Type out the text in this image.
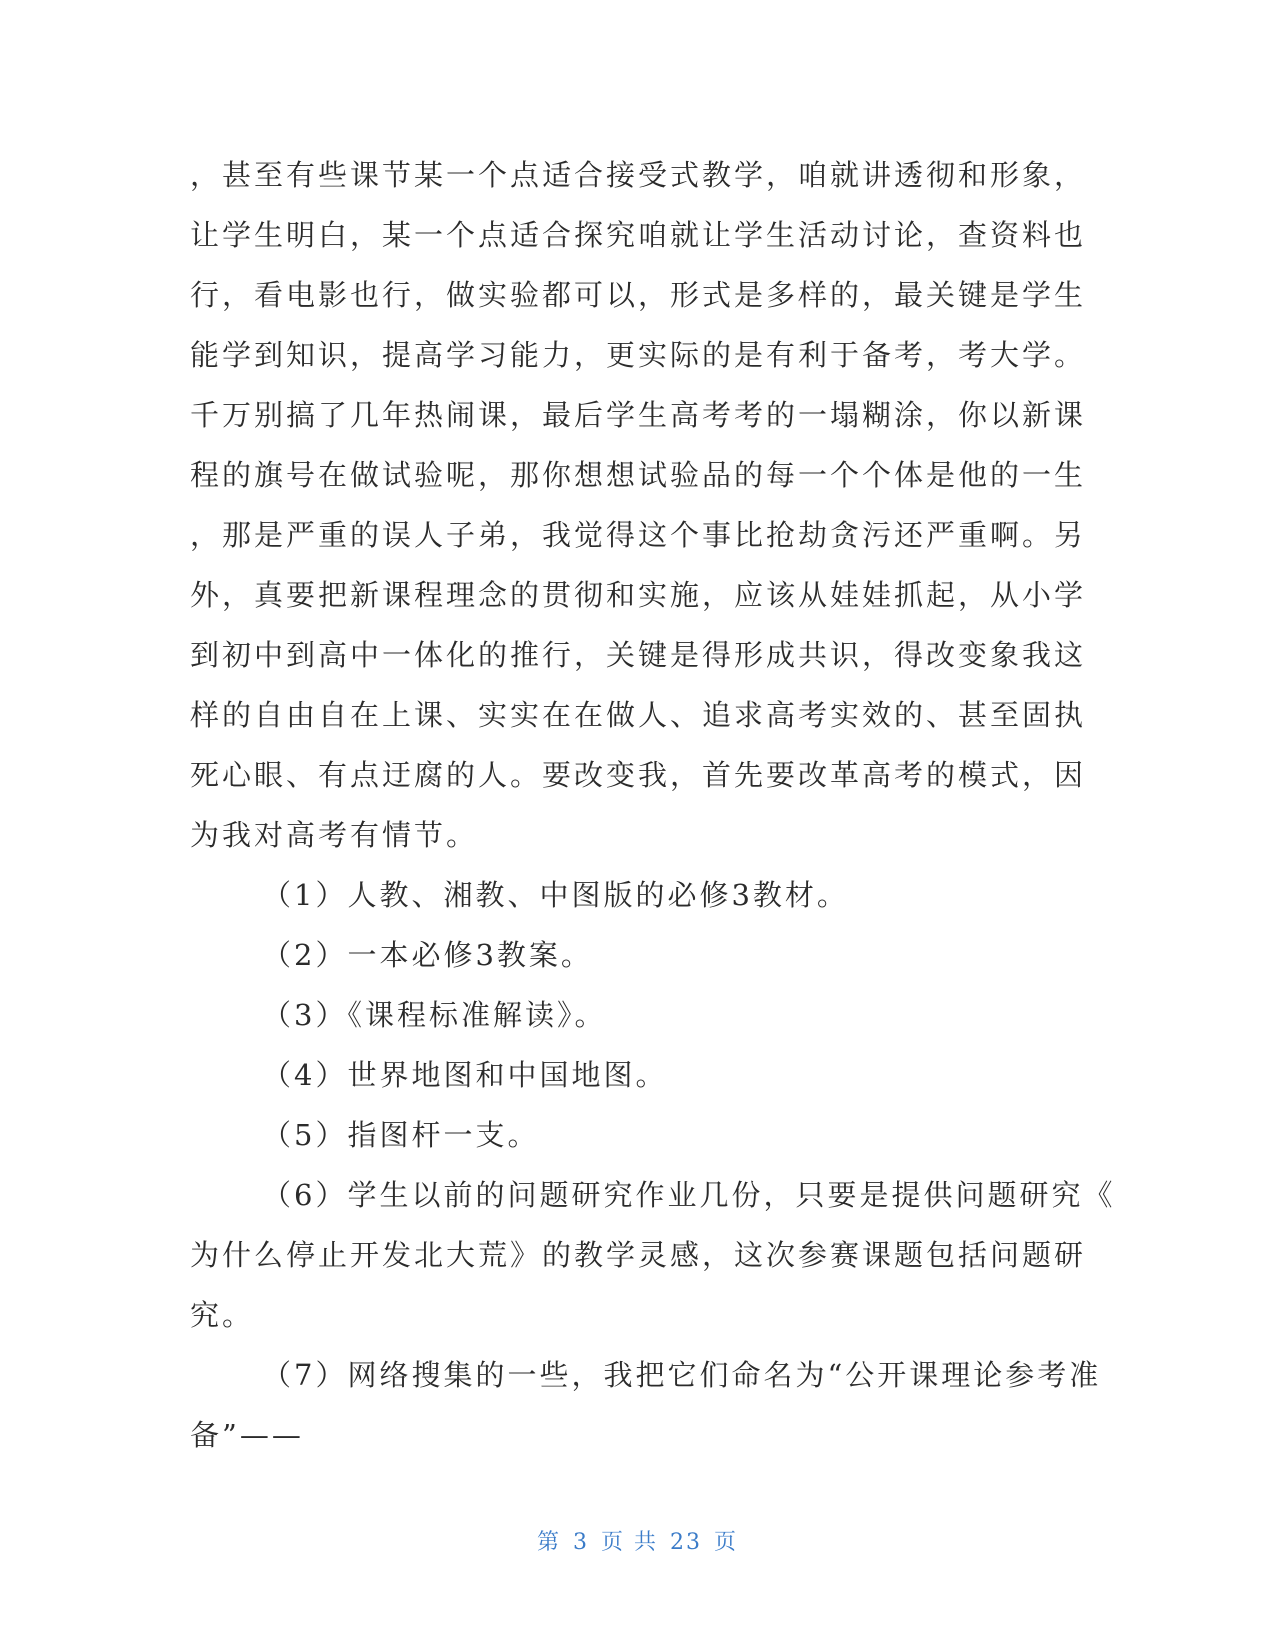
，甚至有些课节某一个点适合接受式教学，咱就讲透彻和形象，
让学生明白，某一个点适合探究咱就让学生活动讨论，查资料也
行，看电影也行，做实验都可以，形式是多样的，最关键是学生
能学到知识，提高学习能力，更实际的是有利于备考，考大学。
千万别搞了几年热闹课，最后学生高考考的一塌糊涂，你以新课
程的旗号在做试验呢，那你想想试验品的每一个个体是他的一生
，那是严重的误人子弟，我觉得这个事比抢劫贪污还严重啊。另
外，真要把新课程理念的贯彻和实施，应该从娃娃抓起，从小学
到初中到高中一体化的推行，关键是得形成共识，得改变象我这
样的自由自在上课、实实在在做人、追求高考实效的、甚至固执
死心眼、有点迂腐的人。要改变我，首先要改革高考的模式，因
为我对高考有情节。
（1）人教、湘教、中图版的必修3教材。
（2）一本必修3教案。
（3）《课程标准解读》。
（4）世界地图和中国地图。
（5）指图杆一支。
（6）学生以前的问题研究作业几份，只要是提供问题研究《
为什么停止开发北大荒》的教学灵感，这次参赛课题包括问题研
究。
（7）网络搜集的一些，我把它们命名为“公开课理论参考准
备”——
第 3 页 共 23 页
